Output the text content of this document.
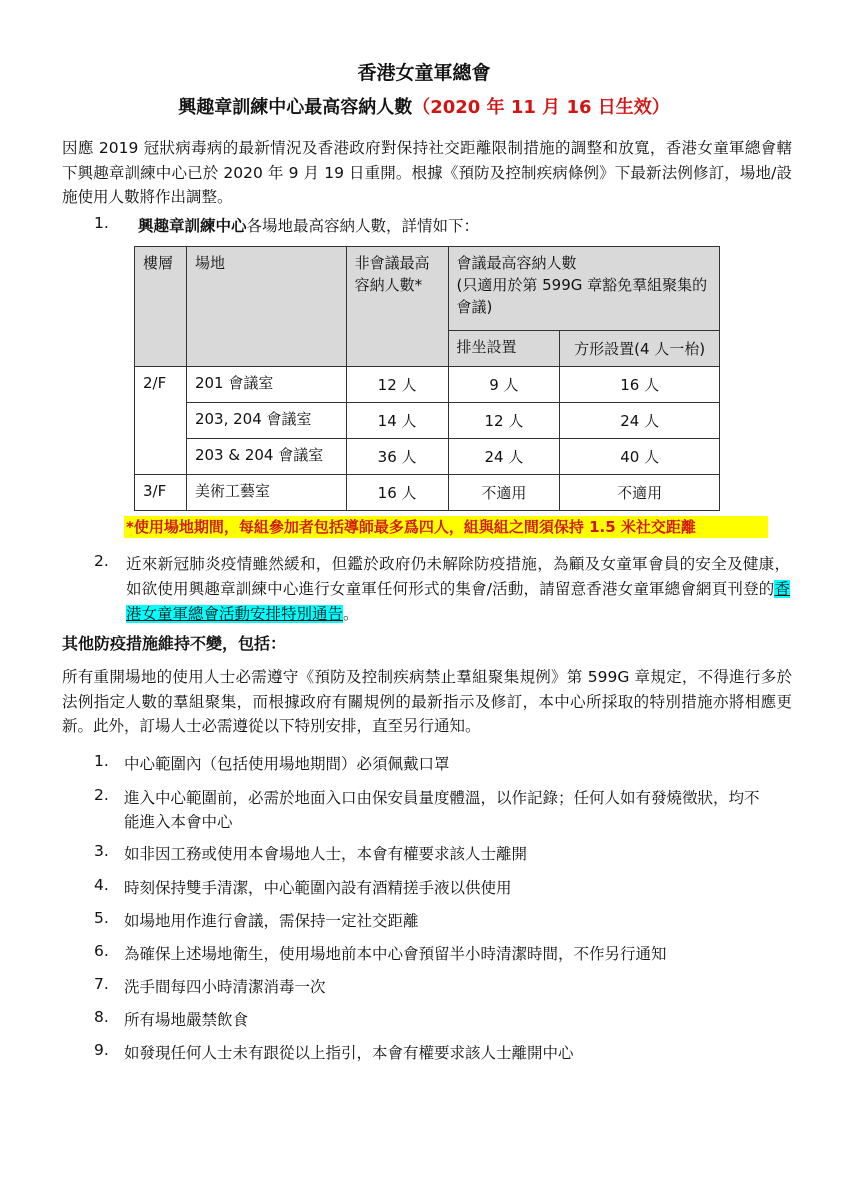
香港女童軍總會
興趣章訓練中心最高容納人數（2020 年 11 月 16 日生效）
因應 2019 冠狀病毒病的最新情況及香港政府對保持社交距離限制措施的調整和放寬，香港女童軍總會轄下興趣章訓練中心已於 2020 年 9 月 19 日重開。根據《預防及控制疾病條例》下最新法例修訂，場地/設施使用人數將作出調整。
1. 興趣章訓練中心各場地最高容納人數，詳情如下：
樓層	場地	非會議最高容納人數*	會議最高容納人數
(只適用於第 599G 章豁免羣組聚集的會議)	
			排坐設置	方形設置(4 人一枱)
2/F	201 會議室	12 人	9 人	16 人
	203, 204 會議室	14 人	12 人	24 人
	203 & 204 會議室	36 人	24 人	40 人
3/F	美術工藝室	16 人	不適用	不適用
*使用場地期間，每組參加者包括導師最多爲四人，組與組之間須保持 1.5 米社交距離
2. 近來新冠肺炎疫情雖然緩和，但鑑於政府仍未解除防疫措施，為顧及女童軍會員的安全及健康，如欲使用興趣章訓練中心進行女童軍任何形式的集會/活動，請留意香港女童軍總會網頁刊登的香港女童軍總會活動安排特別通告。
其他防疫措施維持不變，包括：
所有重開場地的使用人士必需遵守《預防及控制疾病禁止羣組聚集規例》第 599G 章規定，不得進行多於法例指定人數的羣組聚集，而根據政府有關規例的最新指示及修訂，本中心所採取的特別措施亦將相應更新。此外，訂場人士必需遵從以下特別安排，直至另行通知。
1. 中心範圍內（包括使用場地期間）必須佩戴口罩
2. 進入中心範圍前，必需於地面入口由保安員量度體溫，以作記錄；任何人如有發燒徵狀，均不能進入本會中心
3. 如非因工務或使用本會場地人士，本會有權要求該人士離開
4. 時刻保持雙手清潔，中心範圍內設有酒精搓手液以供使用
5. 如場地用作進行會議，需保持一定社交距離
6. 為確保上述場地衛生，使用場地前本中心會預留半小時清潔時間，不作另行通知
7. 洗手間每四小時清潔消毒一次
8. 所有場地嚴禁飲食
9. 如發現任何人士未有跟從以上指引，本會有權要求該人士離開中心
